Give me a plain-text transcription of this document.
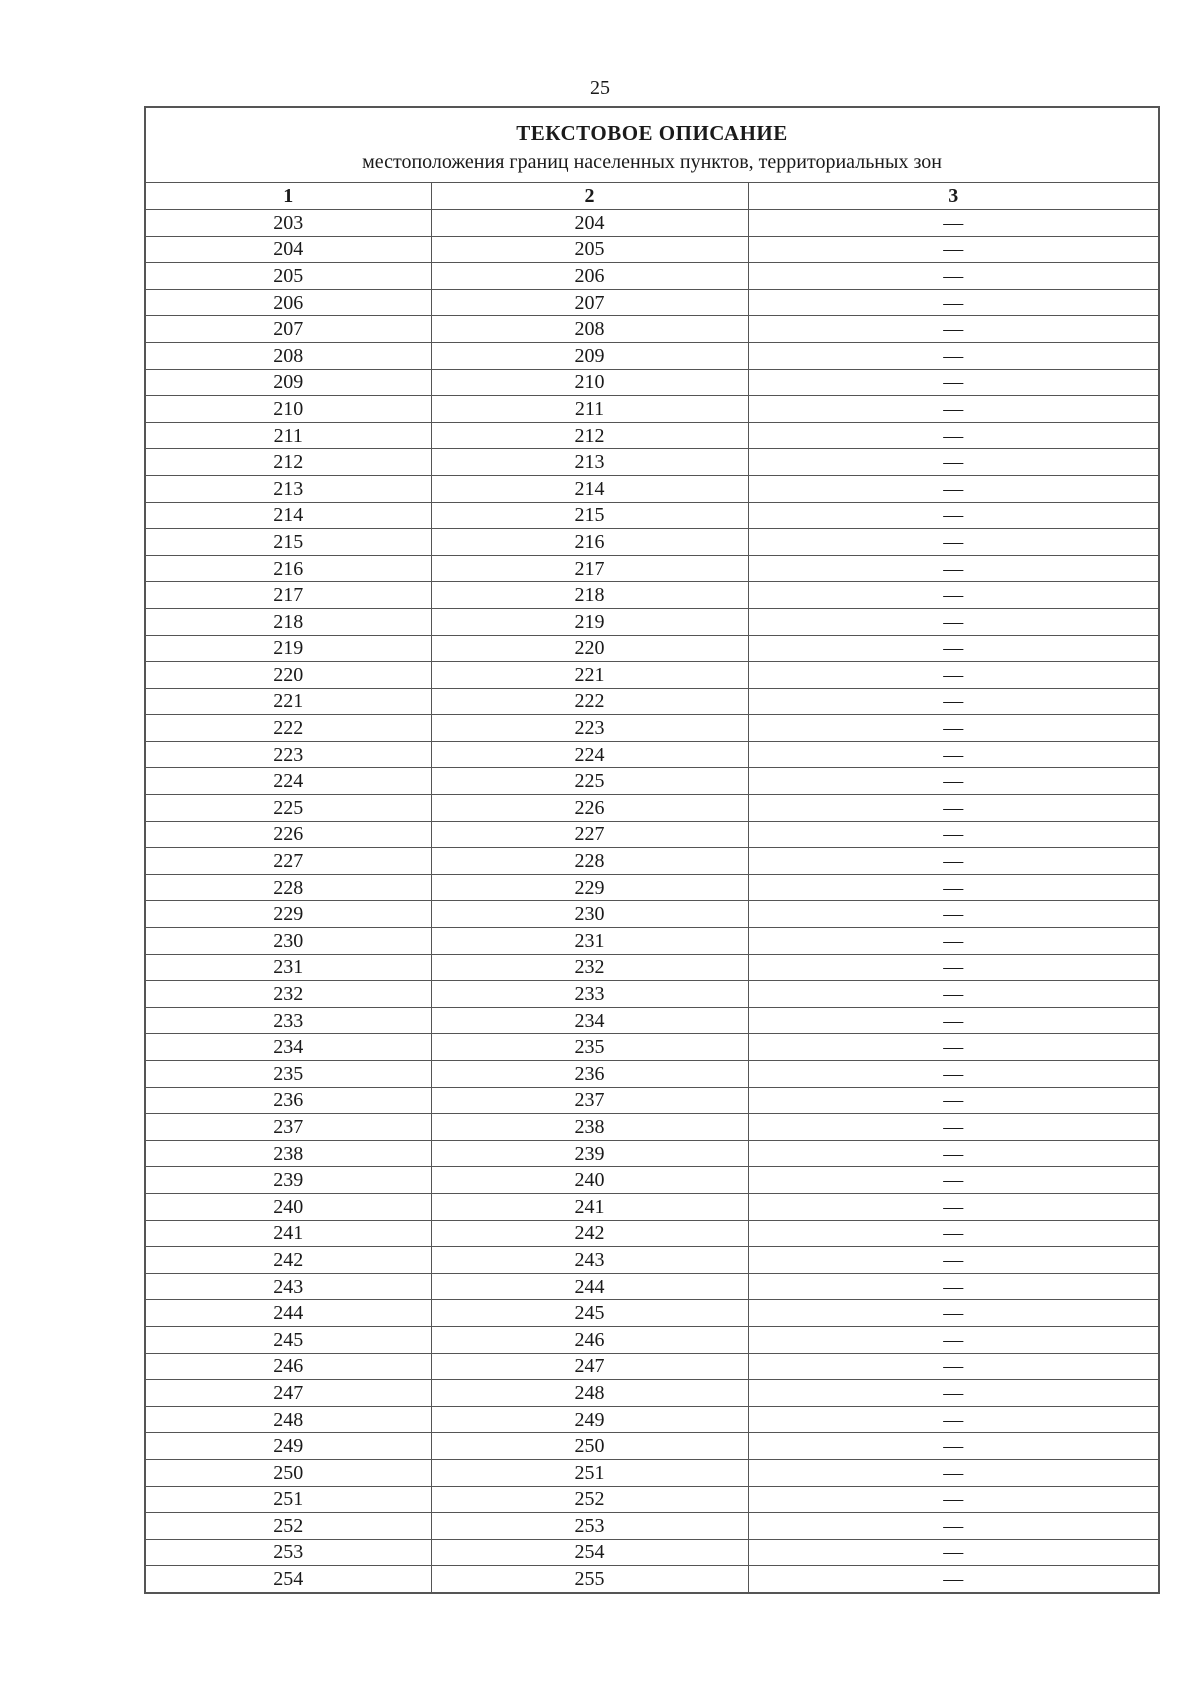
25
ТЕКСТОВОЕ ОПИСАНИЕ
местоположения границ населенных пунктов, территориальных зон		

1	2	3
203	204	—
204	205	—
205	206	—
206	207	—
207	208	—
208	209	—
209	210	—
210	211	—
211	212	—
212	213	—
213	214	—
214	215	—
215	216	—
216	217	—
217	218	—
218	219	—
219	220	—
220	221	—
221	222	—
222	223	—
223	224	—
224	225	—
225	226	—
226	227	—
227	228	—
228	229	—
229	230	—
230	231	—
231	232	—
232	233	—
233	234	—
234	235	—
235	236	—
236	237	—
237	238	—
238	239	—
239	240	—
240	241	—
241	242	—
242	243	—
243	244	—
244	245	—
245	246	—
246	247	—
247	248	—
248	249	—
249	250	—
250	251	—
251	252	—
252	253	—
253	254	—
254	255	—
